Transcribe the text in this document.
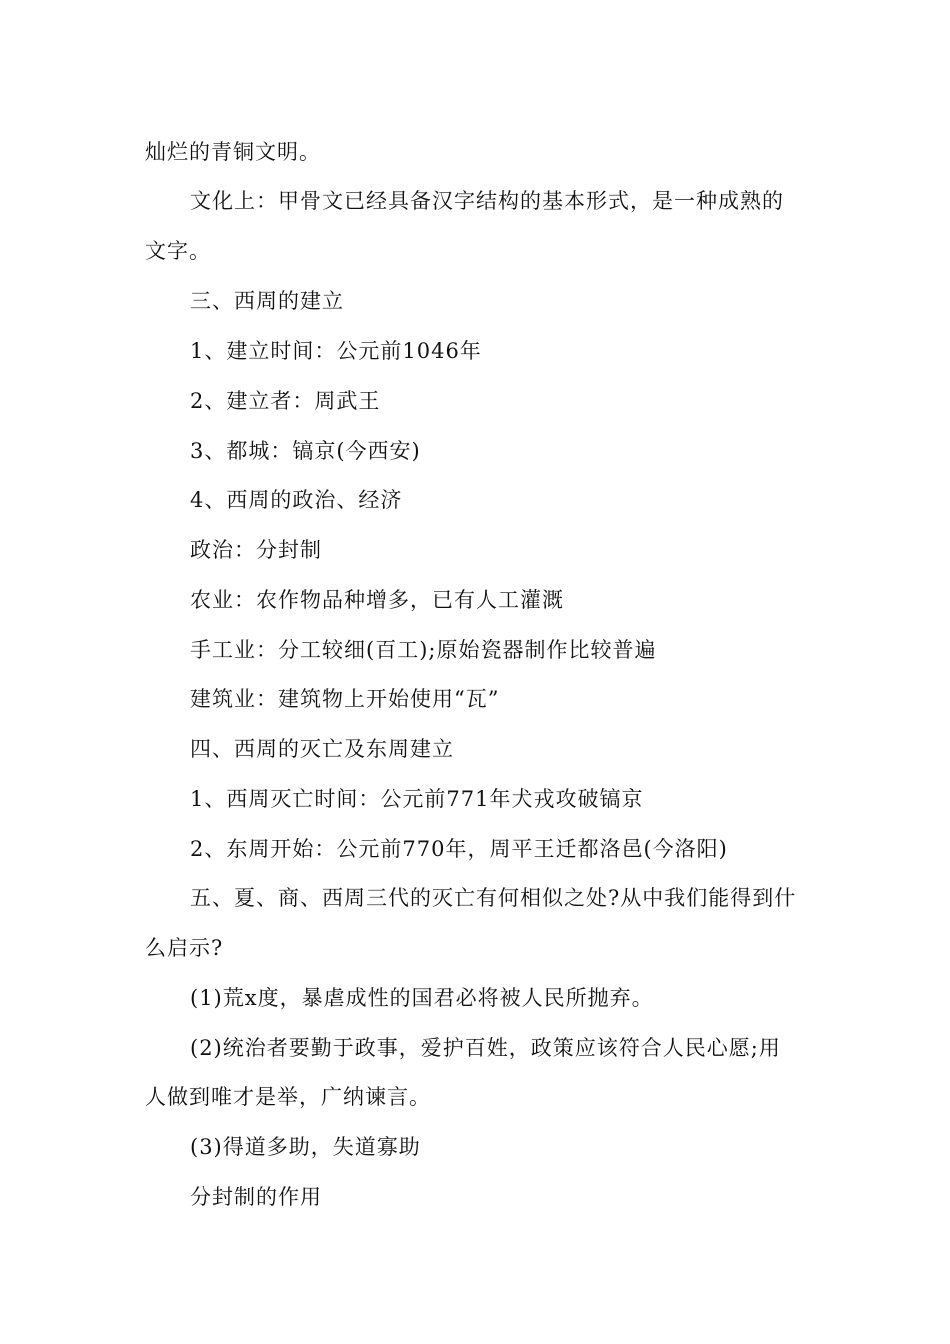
灿烂的青铜文明。
文化上：甲骨文已经具备汉字结构的基本形式，是一种成熟的
文字。
三、西周的建立
1、建立时间：公元前1046年
2、建立者：周武王
3、都城：镐京(今西安)
4、西周的政治、经济
政治：分封制
农业：农作物品种增多，已有人工灌溉
手工业：分工较细(百工);原始瓷器制作比较普遍
建筑业：建筑物上开始使用“瓦”
四、西周的灭亡及东周建立
1、西周灭亡时间：公元前771年犬戎攻破镐京
2、东周开始：公元前770年，周平王迁都洛邑(今洛阳)
五、夏、商、西周三代的灭亡有何相似之处?从中我们能得到什
么启示?
(1)荒x度，暴虐成性的国君必将被人民所抛弃。
(2)统治者要勤于政事，爱护百姓，政策应该符合人民心愿;用
人做到唯才是举，广纳谏言。
(3)得道多助，失道寡助
分封制的作用
